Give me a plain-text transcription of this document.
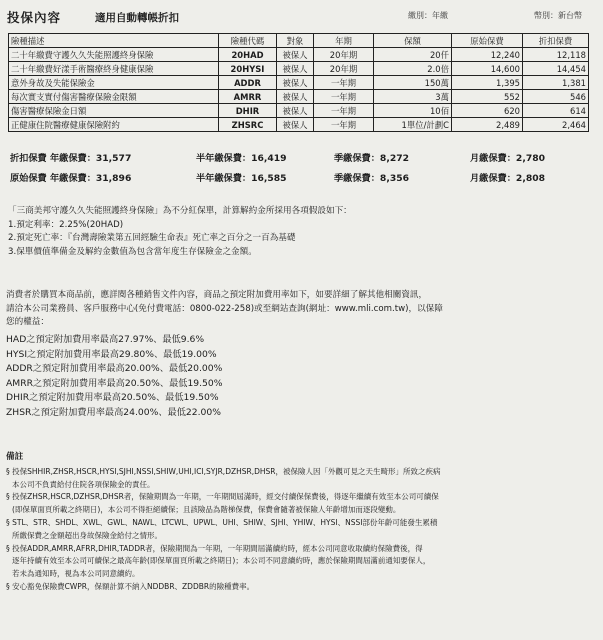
投保內容	適用自動轉帳折扣	繳別：年繳	幣別：新台幣
險種描述	險種代碼	對象	年期	保額	原始保費	折扣保費
二十年繳費守護久久失能照護終身保險	20HAD	被保人	20年期	20仟	12,240	12,118
二十年繳費好漾手術醫療終身健康保險	20HYSI	被保人	20年期	2.0倍	14,600	14,454
意外身故及失能保險金	ADDR	被保人	一年期	150萬	1,395	1,381
每次實支實付傷害醫療保險金限額	AMRR	被保人	一年期	3萬	552	546
傷害醫療保險金日額	DHIR	被保人	一年期	10佰	620	614
正健康住院醫療健康保險附約	ZHSRC	被保人	一年期	1單位/計劃C	2,489	2,464
折扣保費 年繳保費：31,577	半年繳保費：16,419	季繳保費：8,272	月繳保費：2,780
原始保費 年繳保費：31,896	半年繳保費：16,585	季繳保費：8,356	月繳保費：2,808

「三商美邦守護久久失能照護終身保險」為不分紅保單，計算解約金所採用各項假設如下：

1.預定利率：2.25%(20HAD)

2.預定死亡率：『台灣壽險業第五回經驗生命表』死亡率之百分之一百為基礎

3.保單價值準備金及解約金數值為包含當年度生存保險金之金額。

消費者於購買本商品前，應詳閱各種銷售文件內容，商品之預定附加費用率如下，如要詳細了解其他相關資訊，

請洽本公司業務員、客戶服務中心(免付費電話：0800-022-258)或至網站查詢(網址：www.mli.com.tw)，以保障

您的權益：

HAD之預定附加費用率最高27.97%、最低9.6%

HYSI之預定附加費用率最高29.80%、最低19.00%

ADDR之預定附加費用率最高20.00%、最低20.00%

AMRR之預定附加費用率最高20.50%、最低19.50%

DHIR之預定附加費用率最高20.50%、最低19.50%

ZHSR之預定附加費用率最高24.00%、最低22.00%

備註

§ 投保SHHIR,ZHSR,HSCR,HYSI,SJHI,NSSI,SHIW,UHI,ICI,SYJR,DZHSR,DHSR，被保險人因「外觀可見之天生畸形」所致之疾病

本公司不負責給付住院各項保險金的責任。

§ 投保ZHSR,HSCR,DZHSR,DHSR者，保險期間為一年期，一年期間屆滿時，經交付續保保費後，得逐年繼續有效至本公司可續保

(即保單面頁所載之終期日)，本公司不得拒絕續保；且該險品為階梯保費，保費會隨著被保險人年齡增加而逐段變動。

§ STL、STR、SHDL、XWL、GWL、NAWL、LTCWL、UPWL、UHI、SHIW、SJHI、YHIW、HYSI、NSSI部份年齡可能發生累積

所繳保費之金額超出身故保險金給付之情形。

§ 投保ADDR,AMRR,AFRR,DHIR,TADDR者，保險期間為一年期，一年期間屆滿續約時，經本公司同意收取續約保險費後，得

逐年持續有效至本公司可續保之最高年齡(即保單面頁所載之終期日)；本公司不同意續約時，應於保險期間屆滿前通知要保人，

若未為通知時，視為本公司同意續約。

§ 安心豁免保險費CWPR，保額計算不納入NDDBR、ZDDBR的險種費率。
